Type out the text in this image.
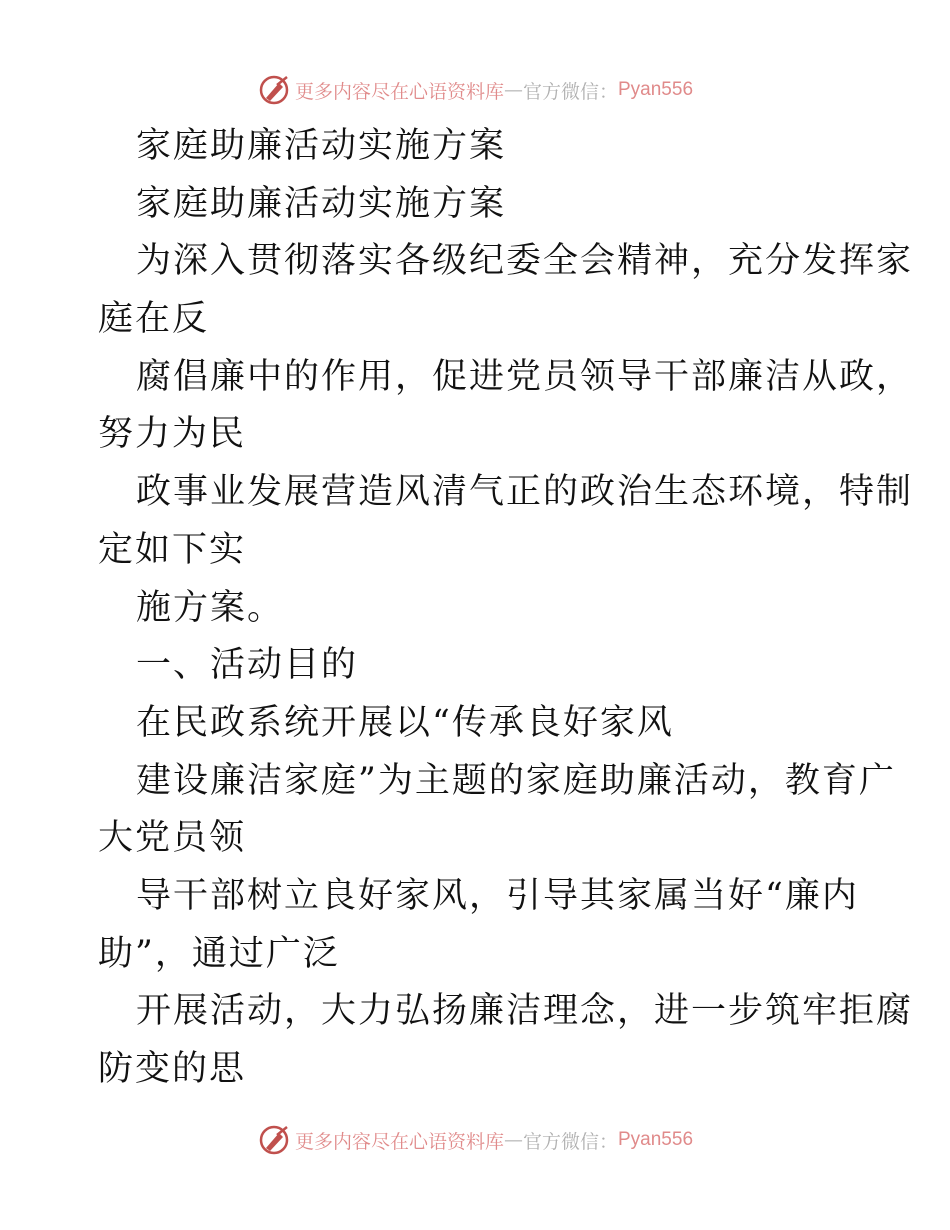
更多内容尽在心语资料库 — 官方微信： Pyan556
家庭助廉活动实施方案
家庭助廉活动实施方案
为深入贯彻落实各级纪委全会精神，充分发挥家
庭在反
腐倡廉中的作用，促进党员领导干部廉洁从政，
努力为民
政事业发展营造风清气正的政治生态环境，特制
定如下实
施方案。
一、活动目的
在民政系统开展以“传承良好家风
建设廉洁家庭”为主题的家庭助廉活动，教育广
大党员领
导干部树立良好家风，引导其家属当好“廉内
助”，通过广泛
开展活动，大力弘扬廉洁理念，进一步筑牢拒腐
防变的思
更多内容尽在心语资料库 — 官方微信： Pyan556
